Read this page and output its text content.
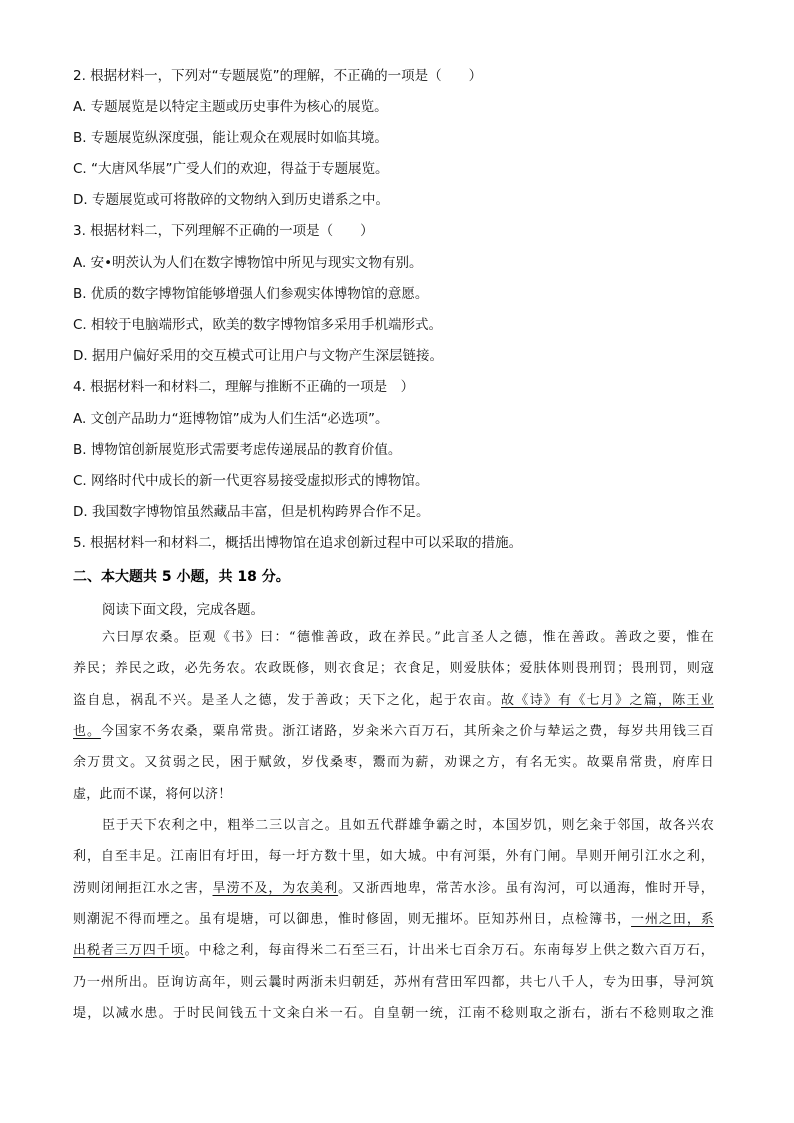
2. 根据材料一，下列对“专题展览”的理解，不正确的一项是（　　）
A. 专题展览是以特定主题或历史事件为核心的展览。
B. 专题展览纵深度强，能让观众在观展时如临其境。
C. “大唐风华展”广受人们的欢迎，得益于专题展览。
D. 专题展览或可将散碎的文物纳入到历史谱系之中。
3. 根据材料二，下列理解不正确的一项是（　　）
A. 安•明茨认为人们在数字博物馆中所见与现实文物有别。
B. 优质的数字博物馆能够增强人们参观实体博物馆的意愿。
C. 相较于电脑端形式，欧美的数字博物馆多采用手机端形式。
D. 据用户偏好采用的交互模式可让用户与文物产生深层链接。
4. 根据材料一和材料二，理解与推断不正确的一项是　）
A. 文创产品助力“逛博物馆”成为人们生活“必选项”。
B. 博物馆创新展览形式需要考虑传递展品的教育价值。
C. 网络时代中成长的新一代更容易接受虚拟形式的博物馆。
D. 我国数字博物馆虽然藏品丰富，但是机构跨界合作不足。
5. 根据材料一和材料二，概括出博物馆在追求创新过程中可以采取的措施。
二、本大题共 5 小题，共 18 分。
阅读下面文段，完成各题。
六曰厚农桑。臣观《书》曰：“德惟善政，政在养民。”此言圣人之德，惟在善政。善政之要，惟在
养民；养民之政，必先务农。农政既修，则衣食足；衣食足，则爱肤体；爱肤体则畏刑罚；畏刑罚，则寇
盗自息，祸乱不兴。是圣人之德，发于善政；天下之化，起于农亩。故《诗》有《七月》之篇，陈王业
也。今国家不务农桑，粟帛常贵。浙江诸路，岁籴米六百万石，其所籴之价与辇运之费，每岁共用钱三百
余万贯文。又贫弱之民，困于赋敛，岁伐桑枣，鬻而为薪，劝课之方，有名无实。故粟帛常贵，府库日
虚，此而不谋，将何以济！
臣于天下农利之中，粗举二三以言之。且如五代群雄争霸之时，本国岁饥，则乞籴于邻国，故各兴农
利，自至丰足。江南旧有圩田，每一圩方数十里，如大城。中有河渠，外有门闸。旱则开闸引江水之利，
涝则闭闸拒江水之害，旱涝不及，为农美利。又浙西地卑，常苦水沴。虽有沟河，可以通海，惟时开导，
则潮泥不得而堙之。虽有堤塘，可以御患，惟时修固，则无摧坏。臣知苏州日，点检簿书，一州之田，系
出税者三万四千顷。中稔之利，每亩得米二石至三石，计出米七百余万石。东南每岁上供之数六百万石，
乃一州所出。臣询访高年，则云曩时两浙未归朝廷，苏州有营田军四都，共七八千人，专为田事，导河筑
堤，以减水患。于时民间钱五十文籴白米一石。自皇朝一统，江南不稔则取之浙右，浙右不稔则取之淮
